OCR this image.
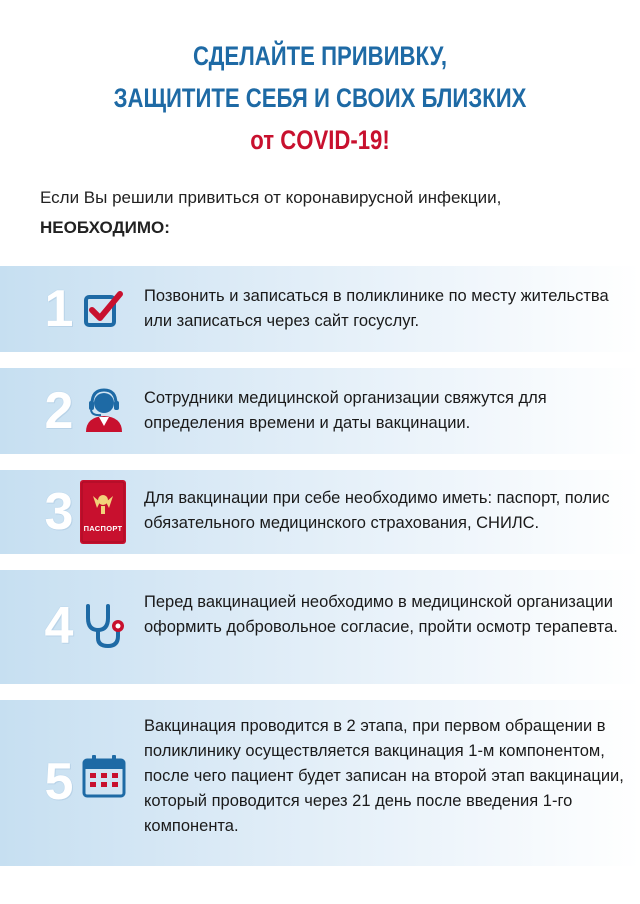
СДЕЛАЙТЕ ПРИВИВКУ,
ЗАЩИТИТЕ СЕБЯ И СВОИХ БЛИЗКИХ
от COVID-19!
Если Вы решили привиться от коронавирусной инфекции,
НЕОБХОДИМО:
1	Позвонить и записаться в поликлинике по месту жительства или записаться через сайт госуслуг.
2	Сотрудники медицинской организации свяжутся для определения времени и даты вакцинации.
3	ПАСПОРТ
Для вакцинации при себе необходимо иметь: паспорт, полис обязательного медицинского страхования, СНИЛС.
4	Перед вакцинацией необходимо в медицинской организации оформить добровольное согласие, пройти осмотр терапевта.
5
Вакцинация проводится в 2 этапа, при первом обращении в поликлинику осуществляется вакцинация 1-м компонентом, после чего пациент будет записан на второй этап вакцинации, который проводится через 21 день после введения 1-го компонента.
